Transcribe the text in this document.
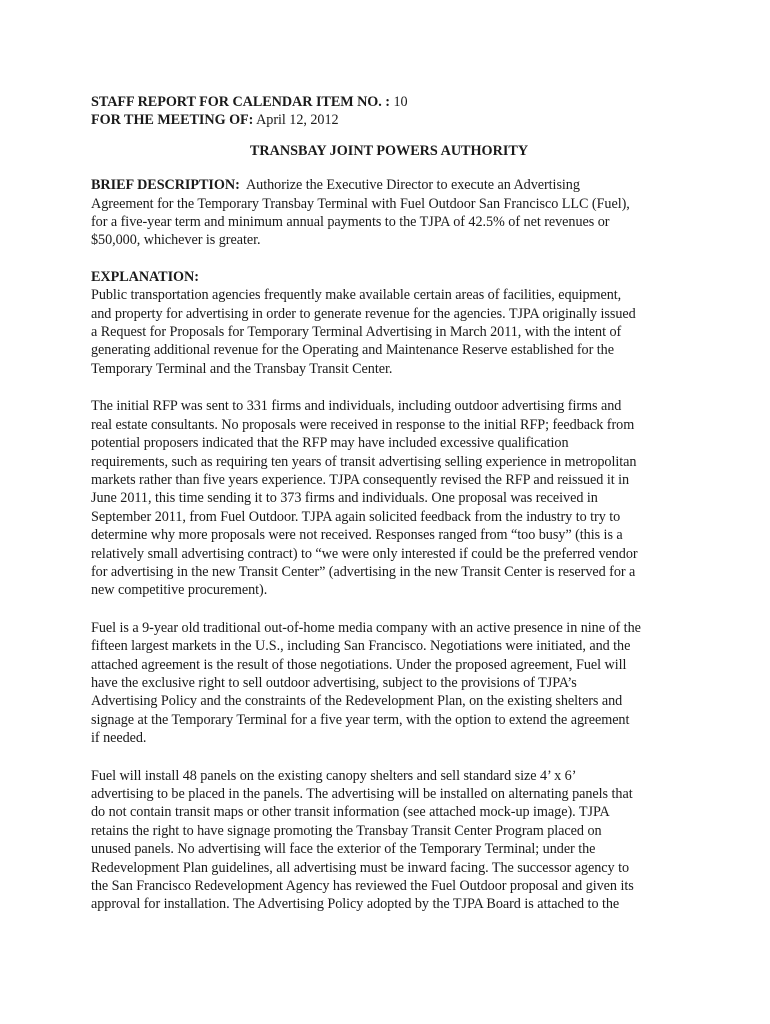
STAFF REPORT FOR CALENDAR ITEM NO. : 10
FOR THE MEETING OF: April 12, 2012
TRANSBAY JOINT POWERS AUTHORITY
BRIEF DESCRIPTION: Authorize the Executive Director to execute an Advertising
Agreement for the Temporary Transbay Terminal with Fuel Outdoor San Francisco LLC (Fuel),
for a five-year term and minimum annual payments to the TJPA of 42.5% of net revenues or
$50,000, whichever is greater.
EXPLANATION:
Public transportation agencies frequently make available certain areas of facilities, equipment,
and property for advertising in order to generate revenue for the agencies. TJPA originally issued
a Request for Proposals for Temporary Terminal Advertising in March 2011, with the intent of
generating additional revenue for the Operating and Maintenance Reserve established for the
Temporary Terminal and the Transbay Transit Center.
The initial RFP was sent to 331 firms and individuals, including outdoor advertising firms and
real estate consultants. No proposals were received in response to the initial RFP; feedback from
potential proposers indicated that the RFP may have included excessive qualification
requirements, such as requiring ten years of transit advertising selling experience in metropolitan
markets rather than five years experience. TJPA consequently revised the RFP and reissued it in
June 2011, this time sending it to 373 firms and individuals. One proposal was received in
September 2011, from Fuel Outdoor. TJPA again solicited feedback from the industry to try to
determine why more proposals were not received. Responses ranged from “too busy” (this is a
relatively small advertising contract) to “we were only interested if could be the preferred vendor
for advertising in the new Transit Center” (advertising in the new Transit Center is reserved for a
new competitive procurement).
Fuel is a 9-year old traditional out-of-home media company with an active presence in nine of the
fifteen largest markets in the U.S., including San Francisco. Negotiations were initiated, and the
attached agreement is the result of those negotiations. Under the proposed agreement, Fuel will
have the exclusive right to sell outdoor advertising, subject to the provisions of TJPA’s
Advertising Policy and the constraints of the Redevelopment Plan, on the existing shelters and
signage at the Temporary Terminal for a five year term, with the option to extend the agreement
if needed.
Fuel will install 48 panels on the existing canopy shelters and sell standard size 4’ x 6’
advertising to be placed in the panels. The advertising will be installed on alternating panels that
do not contain transit maps or other transit information (see attached mock-up image). TJPA
retains the right to have signage promoting the Transbay Transit Center Program placed on
unused panels. No advertising will face the exterior of the Temporary Terminal; under the
Redevelopment Plan guidelines, all advertising must be inward facing. The successor agency to
the San Francisco Redevelopment Agency has reviewed the Fuel Outdoor proposal and given its
approval for installation. The Advertising Policy adopted by the TJPA Board is attached to the
